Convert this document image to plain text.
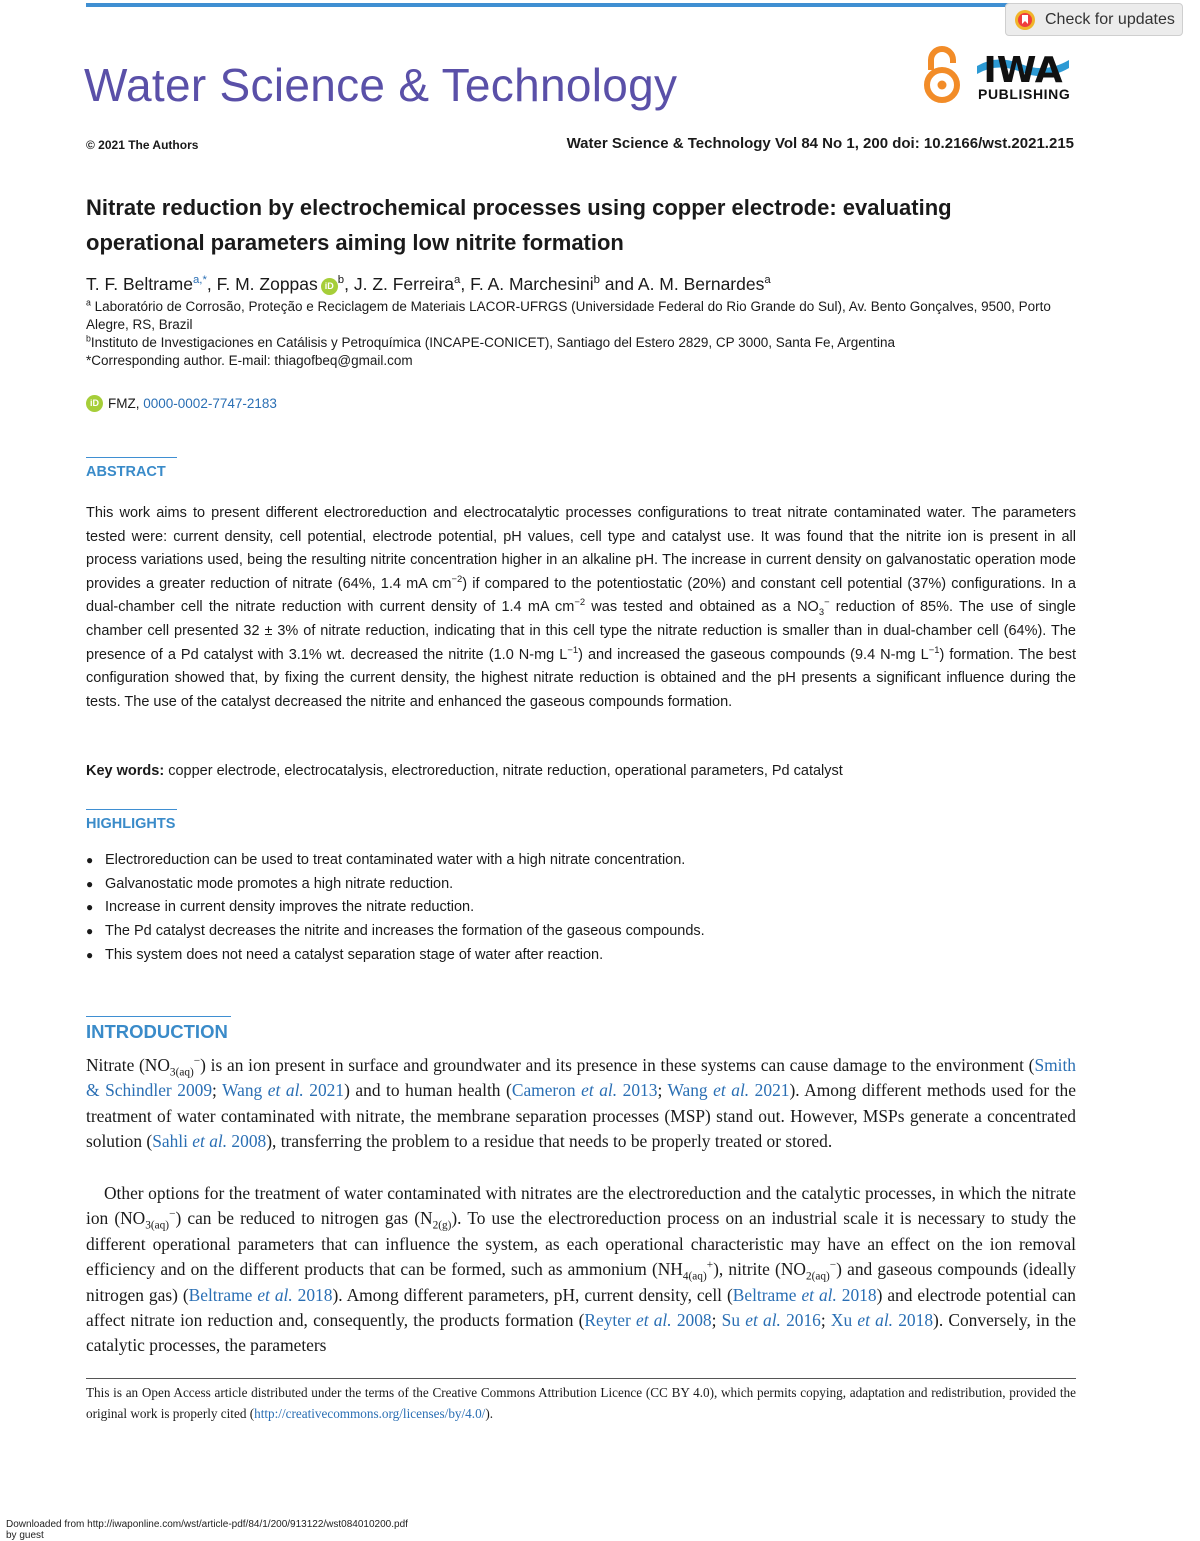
Check for updates
Water Science & Technology	IWA
PUBLISHING
© 2021 The Authors	Water Science & Technology Vol 84 No 1, 200 doi: 10.2166/wst.2021.215
Nitrate reduction by electrochemical processes using copper electrode: evaluating
operational parameters aiming low nitrite formation
T. F. Beltrame$^{a,*}$, F. M. Zoppas iD $^b$, J. Z. Ferreira$^a$, F. A. Marchesini$^b$ and A. M. Bernardes$^a$
$^a$ Laboratório de Corrosão, Proteção e Reciclagem de Materiais LACOR-UFRGS (Universidade Federal do Rio Grande do Sul), Av. Bento Gonçalves, 9500, Porto Alegre, RS, Brazil
$^b$Instituto de Investigaciones en Catálisis y Petroquímica (INCAPE-CONICET), Santiago del Estero 2829, CP 3000, Santa Fe, Argentina
*Corresponding author. E-mail: thiagofbeq@gmail.com
iD FMZ,
0000-0002-7747-2183
ABSTRACT

This work aims to present different electroreduction and electrocatalytic processes configurations to treat nitrate contaminated water. The parameters tested were: current density, cell potential, electrode potential, pH values, cell type and catalyst use. It was found that the nitrite ion is present in all process variations used, being the resulting nitrite concentration higher in an alkaline pH. The increase in current density on galvanostatic operation mode provides a greater reduction of nitrate (64%, 1.4 mA $cm^{-2}$) if compared to the potentiostatic (20%) and constant cell potential (37%) configurations. In a dual-chamber cell the nitrate reduction with current density of 1.4 mA $cm^{-2}$ was tested and obtained as a $NO_3^-$ reduction of 85%. The use of single chamber cell presented 32 ± 3% of nitrate reduction, indicating that in this cell type the nitrate reduction is smaller than in dual-chamber cell (64%). The presence of a Pd catalyst with 3.1% wt. decreased the nitrite (1.0 N-mg $L^{-1}$) and increased the gaseous compounds (9.4 N-mg $L^{-1}$) formation. The best configuration showed that, by fixing the current density, the highest nitrate reduction is obtained and the pH presents a significant influence during the tests. The use of the catalyst decreased the nitrite and enhanced the gaseous compounds formation.

Key words: copper electrode, electrocatalysis, electroreduction, nitrate reduction, operational parameters, Pd catalyst
HIGHLIGHTS
● Electroreduction can be used to treat contaminated water with a high nitrate concentration.
● Galvanostatic mode promotes a high nitrate reduction.
● Increase in current density improves the nitrate reduction.
● The Pd catalyst decreases the nitrite and increases the formation of the gaseous compounds.
● This system does not need a catalyst separation stage of water after reaction.
INTRODUCTION

Nitrate $(NO_{3(aq)}^-)$ is an ion present in surface and groundwater and its presence in these systems can cause damage to the environment (Smith & Schindler 2009; Wang et al. 2021) and to human health (Cameron et al. 2013; Wang et al. 2021). Among different methods used for the treatment of water contaminated with nitrate, the membrane separation processes (MSP) stand out. However, MSPs generate a concentrated solution (Sahli et al. 2008), transferring the problem to a residue that needs to be properly treated or stored.

Other options for the treatment of water contaminated with nitrates are the electroreduction and the catalytic processes, in which the nitrate ion $(NO_{3(aq)}^-)$ can be reduced to nitrogen gas $(N_{2(g)})$. To use the electroreduction process on an industrial scale it is necessary to study the different operational parameters that can influence the system, as each operational characteristic may have an effect on the ion removal efficiency and on the different products that can be formed, such as ammonium $(NH_{4(aq)}^+)$, nitrite $(NO_{2(aq)}^-)$ and gaseous compounds (ideally nitrogen gas) (Beltrame et al. 2018). Among different parameters, pH, current density, cell (Beltrame et al. 2018) and electrode potential can affect nitrate ion reduction and, consequently, the products formation (Reyter et al. 2008; Su et al. 2016; Xu et al. 2018). Conversely, in the catalytic processes, the parameters

This is an Open Access article distributed under the terms of the Creative Commons Attribution Licence (CC BY 4.0), which permits copying, adaptation and redistribution, provided the original work is properly cited (http://creativecommons.org/licenses/by/4.0/).

Downloaded from http://iwaponline.com/wst/article-pdf/84/1/200/913122/wst084010200.pdf
by guest
